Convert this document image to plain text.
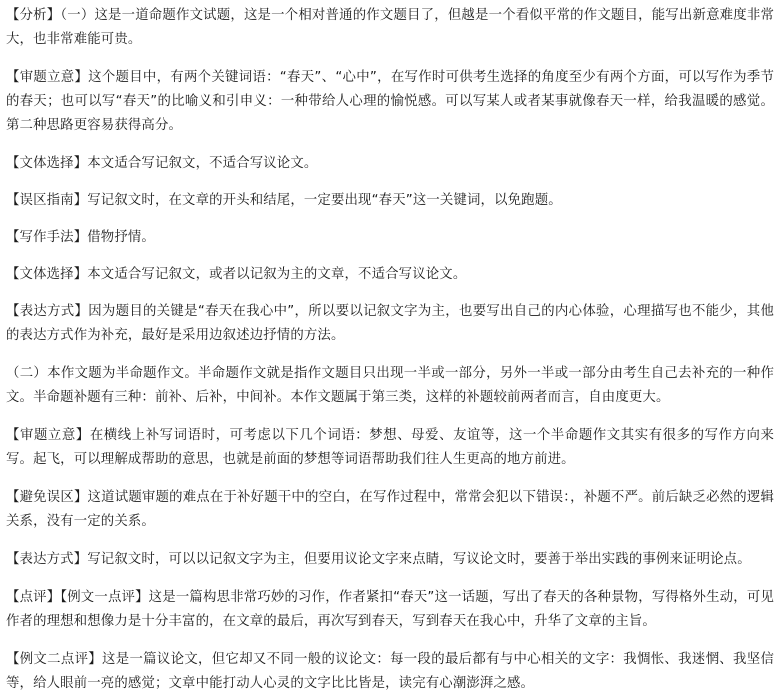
【分析】（一）这是一道命题作文试题，这是一个相对普通的作文题目了，但越是一个看似平常的作文题目，能写出新意难度非常大，也非常难能可贵。

【审题立意】这个题目中，有两个关键词语：“春天”、“心中”，在写作时可供考生选择的角度至少有两个方面，可以写作为季节的春天；也可以写“春天”的比喻义和引申义：一种带给人心理的愉悦感。可以写某人或者某事就像春天一样，给我温暖的感觉。第二种思路更容易获得高分。

【文体选择】本文适合写记叙文，不适合写议论文。

【误区指南】写记叙文时，在文章的开头和结尾，一定要出现“春天”这一关键词，以免跑题。

【写作手法】借物抒情。

【文体选择】本文适合写记叙文，或者以记叙为主的文章，不适合写议论文。

【表达方式】因为题目的关键是“春天在我心中”，所以要以记叙文字为主，也要写出自己的内心体验，心理描写也不能少，其他的表达方式作为补充，最好是采用边叙述边抒情的方法。

（二）本作文题为半命题作文。半命题作文就是指作文题目只出现一半或一部分，另外一半或一部分由考生自己去补充的一种作文。半命题补题有三种：前补、后补，中间补。本作文题属于第三类，这样的补题较前两者而言，自由度更大。

【审题立意】在横线上补写词语时，可考虑以下几个词语：梦想、母爱、友谊等，这一个半命题作文其实有很多的写作方向来写。起飞，可以理解成帮助的意思，也就是前面的梦想等词语帮助我们往人生更高的地方前进。

【避免误区】这道试题审题的难点在于补好题干中的空白，在写作过程中，常常会犯以下错误：，补题不严。前后缺乏必然的逻辑关系，没有一定的关系。

【表达方式】写记叙文时，可以以记叙文字为主，但要用议论文字来点睛，写议论文时，要善于举出实践的事例来证明论点。

【点评】【例文一点评】这是一篇构思非常巧妙的习作，作者紧扣“春天”这一话题，写出了春天的各种景物，写得格外生动，可见作者的理想和想像力是十分丰富的，在文章的最后，再次写到春天，写到春天在我心中，升华了文章的主旨。

【例文二点评】这是一篇议论文，但它却又不同一般的议论文：每一段的最后都有与中心相关的文字：我惆怅、我迷惘、我坚信等，给人眼前一亮的感觉；文章中能打动人心灵的文字比比皆是，读完有心潮澎湃之感。
